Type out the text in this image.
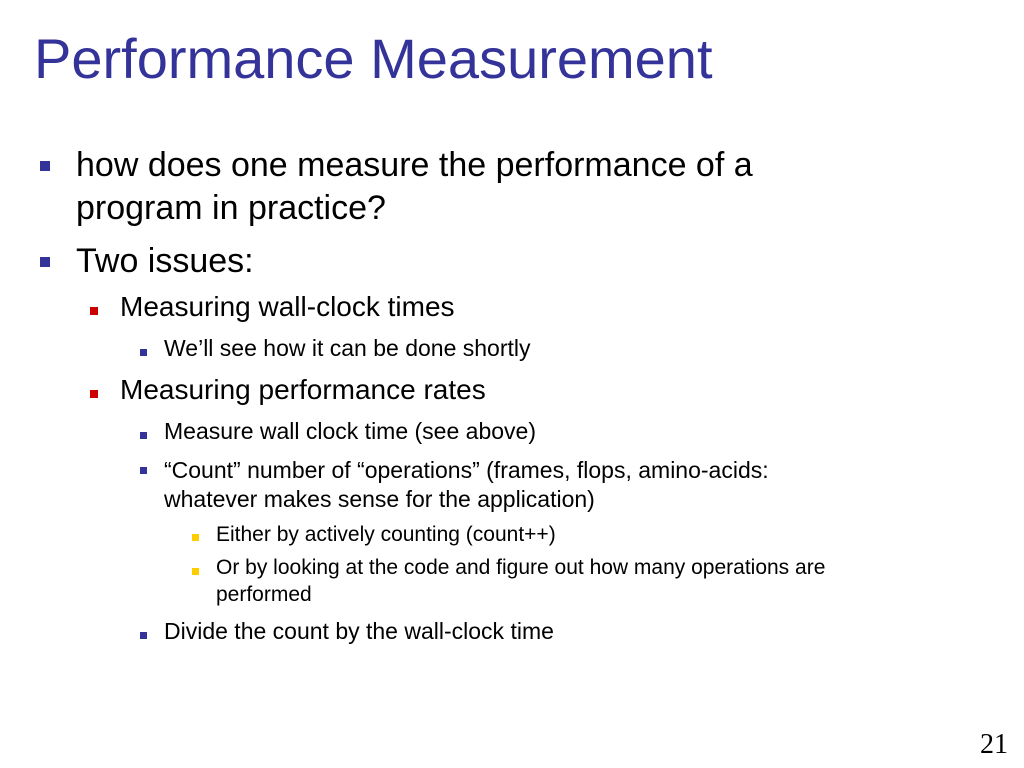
Performance Measurement
how does one measure the performance of a
program in practice?
Two issues:
Measuring wall-clock times
We’ll see how it can be done shortly
Measuring performance rates
Measure wall clock time (see above)
“Count” number of “operations” (frames, flops, amino-acids:
whatever makes sense for the application)
Either by actively counting (count++)
Or by looking at the code and figure out how many operations are
performed
Divide the count by the wall-clock time
21
